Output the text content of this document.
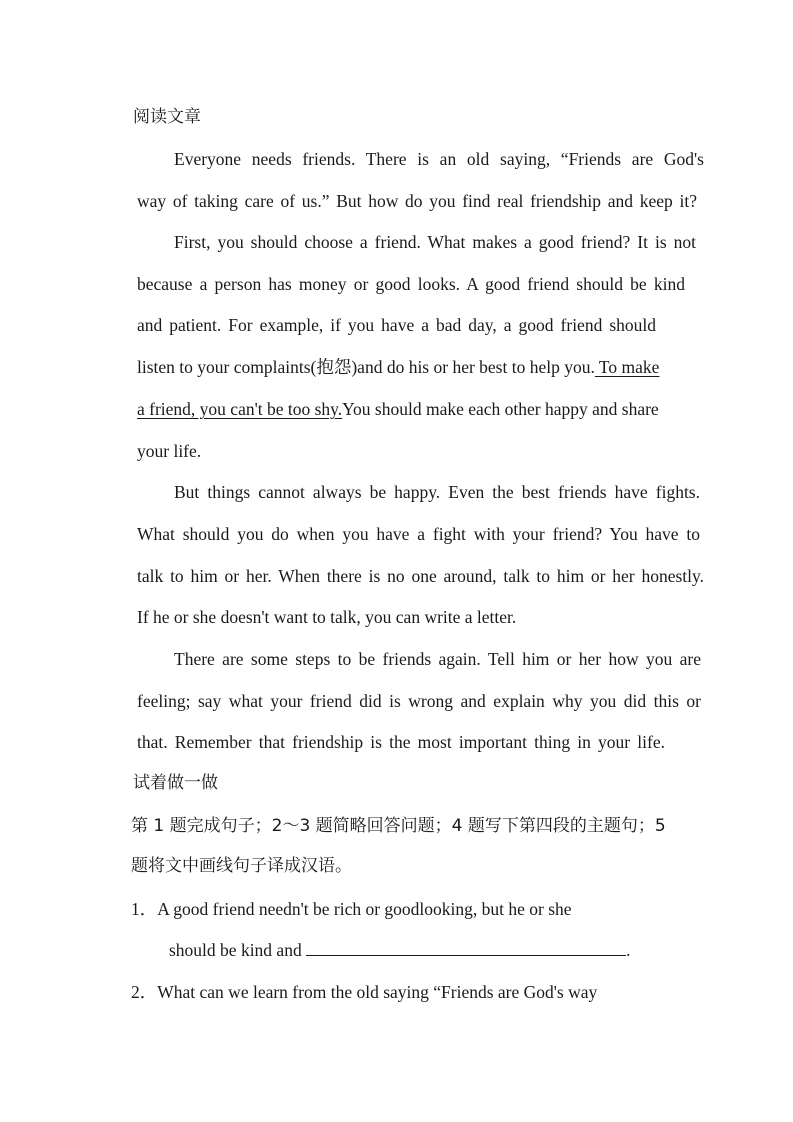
阅读文章
Everyone needs friends. There is an old saying, “Friends are God's
way of taking care of us.” But how do you find real friendship and keep it?
First, you should choose a friend. What makes a good friend? It is not
because a person has money or good looks. A good friend should be kind
and patient. For example, if you have a bad day, a good friend should
listen to your complaints(抱怨)and do his or her best to help you. To make
a friend, you can't be too shy.You should make each other happy and share
your life.
But things cannot always be happy. Even the best friends have fights.
What should you do when you have a fight with your friend? You have to
talk to him or her. When there is no one around, talk to him or her honestly.
If he or she doesn't want to talk, you can write a letter.
There are some steps to be friends again. Tell him or her how you are
feeling; say what your friend did is wrong and explain why you did this or
that. Remember that friendship is the most important thing in your life.
试着做一做
第 1 题完成句子；2～3 题简略回答问题；4 题写下第四段的主题句；5
题将文中画线句子译成汉语。
1．A good friend needn't be rich or goodlooking, but he or she
should be kind and	.
2．What can we learn from the old saying “Friends are God's way
